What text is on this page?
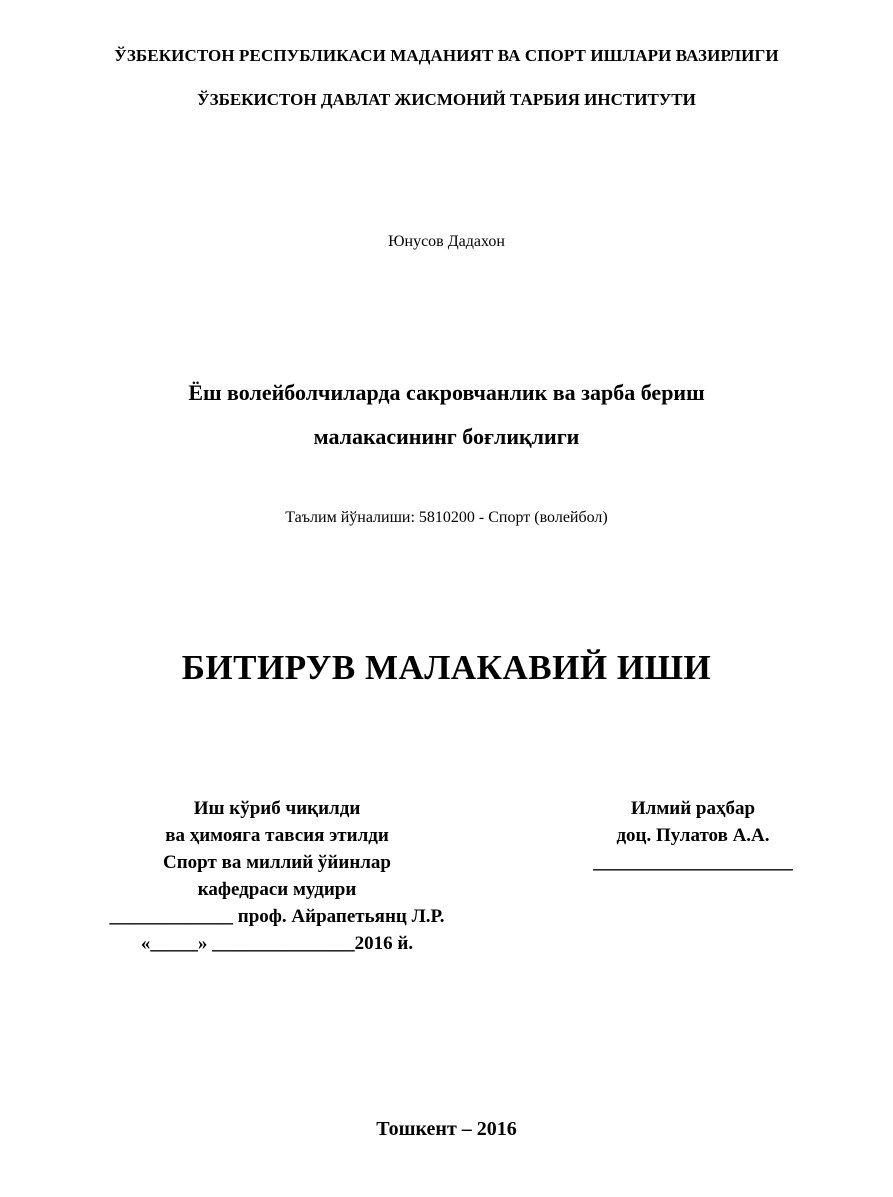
ЎЗБЕКИСТОН РЕСПУБЛИКАСИ МАДАНИЯТ ВА СПОРТ ИШЛАРИ ВАЗИРЛИГИ
ЎЗБЕКИСТОН ДАВЛАТ ЖИСМОНИЙ ТАРБИЯ ИНСТИТУТИ
Юнусов Дадахон
Ёш волейболчиларда сакровчанлик ва зарба бериш
малакасининг боғлиқлиги
Таълим йўналиши: 5810200 - Спорт (волейбол)
БИТИРУВ МАЛАКАВИЙ ИШИ
Иш кўриб чиқилди
ва ҳимояга тавсия этилди
Спорт ва миллий ўйинлар
кафедраси мудири
_____________ проф. Айрапетьянц Л.Р.
«_____» _______________2016 й.
Илмий раҳбар
доц. Пулатов А.А.
_____________________
Тошкент – 2016
